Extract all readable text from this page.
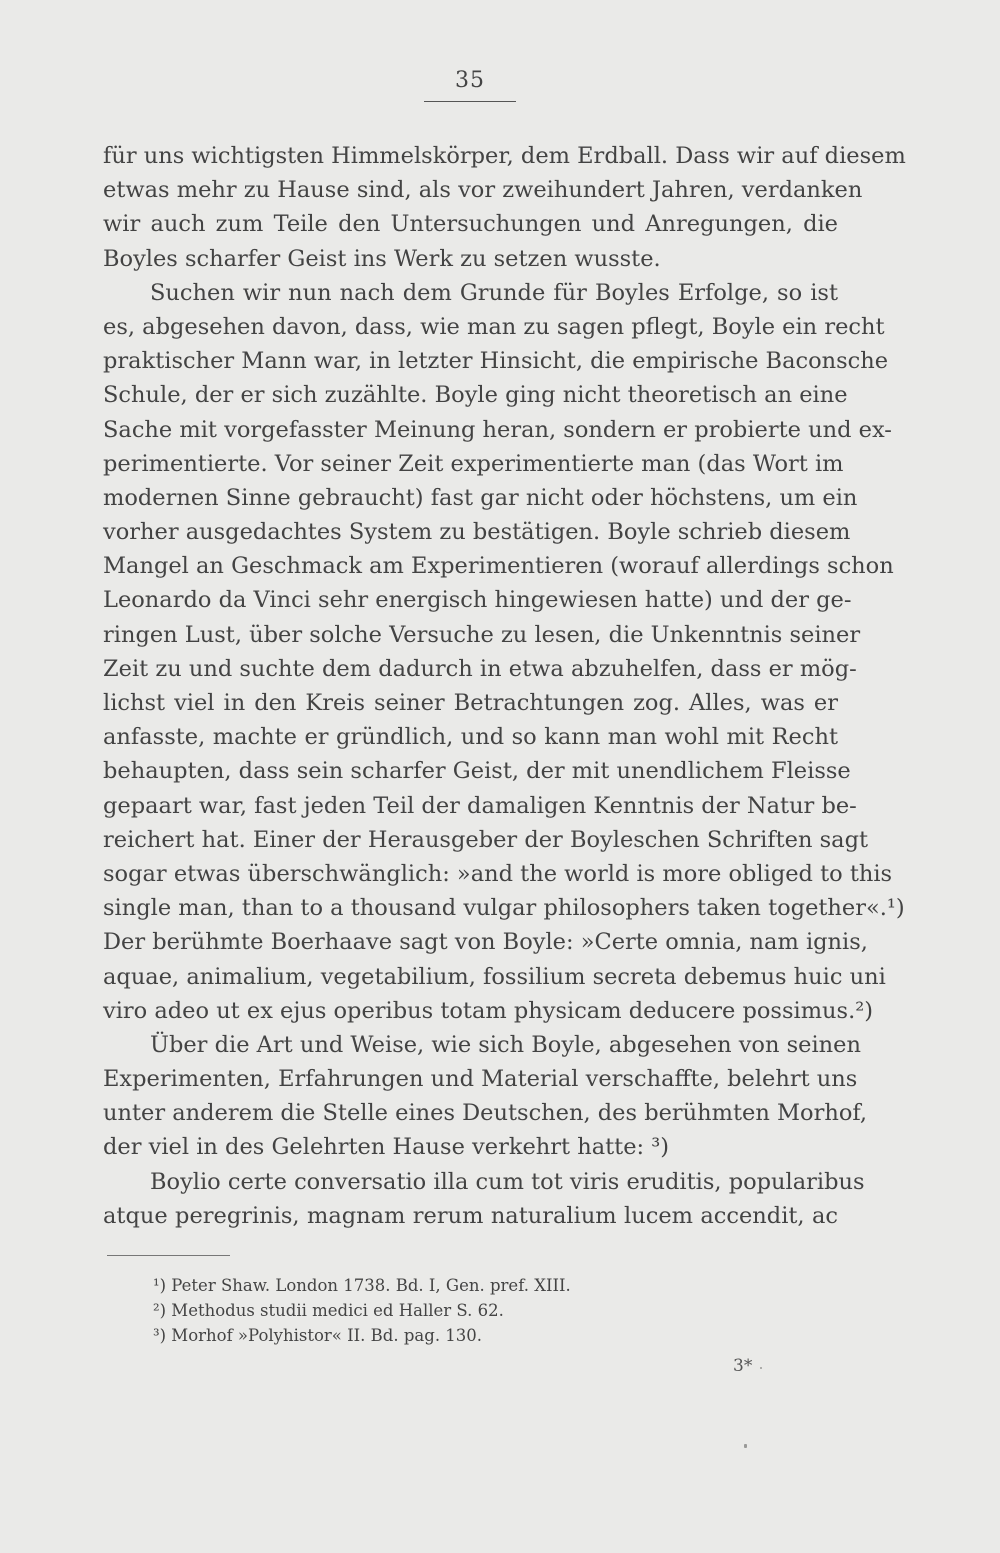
35
für uns wichtigsten Himmelskörper, dem Erdball. Dass wir auf diesem
etwas mehr zu Hause sind, als vor zweihundert Jahren, verdanken
wir auch zum Teile den Untersuchungen und Anregungen, die
Boyles scharfer Geist ins Werk zu setzen wusste.
Suchen wir nun nach dem Grunde für Boyles Erfolge, so ist
es, abgesehen davon, dass, wie man zu sagen pflegt, Boyle ein recht
praktischer Mann war, in letzter Hinsicht, die empirische Baconsche
Schule, der er sich zuzählte. Boyle ging nicht theoretisch an eine
Sache mit vorgefasster Meinung heran, sondern er probierte und ex-
perimentierte. Vor seiner Zeit experimentierte man (das Wort im
modernen Sinne gebraucht) fast gar nicht oder höchstens, um ein
vorher ausgedachtes System zu bestätigen. Boyle schrieb diesem
Mangel an Geschmack am Experimentieren (worauf allerdings schon
Leonardo da Vinci sehr energisch hingewiesen hatte) und der ge-
ringen Lust, über solche Versuche zu lesen, die Unkenntnis seiner
Zeit zu und suchte dem dadurch in etwa abzuhelfen, dass er mög-
lichst viel in den Kreis seiner Betrachtungen zog. Alles, was er
anfasste, machte er gründlich, und so kann man wohl mit Recht
behaupten, dass sein scharfer Geist, der mit unendlichem Fleisse
gepaart war, fast jeden Teil der damaligen Kenntnis der Natur be-
reichert hat. Einer der Herausgeber der Boyleschen Schriften sagt
sogar etwas überschwänglich: »and the world is more obliged to this
single man, than to a thousand vulgar philosophers taken together«.¹)
Der berühmte Boerhaave sagt von Boyle: »Certe omnia, nam ignis,
aquae, animalium, vegetabilium, fossilium secreta debemus huic uni
viro adeo ut ex ejus operibus totam physicam deducere possimus.²)
Über die Art und Weise, wie sich Boyle, abgesehen von seinen
Experimenten, Erfahrungen und Material verschaffte, belehrt uns
unter anderem die Stelle eines Deutschen, des berühmten Morhof,
der viel in des Gelehrten Hause verkehrt hatte: ³)
Boylio certe conversatio illa cum tot viris eruditis, popularibus
atque peregrinis, magnam rerum naturalium lucem accendit, ac
¹) Peter Shaw. London 1738. Bd. I, Gen. pref. XIII.
²) Methodus studii medici ed Haller S. 62.
³) Morhof »Polyhistor« II. Bd. pag. 130.
3*
